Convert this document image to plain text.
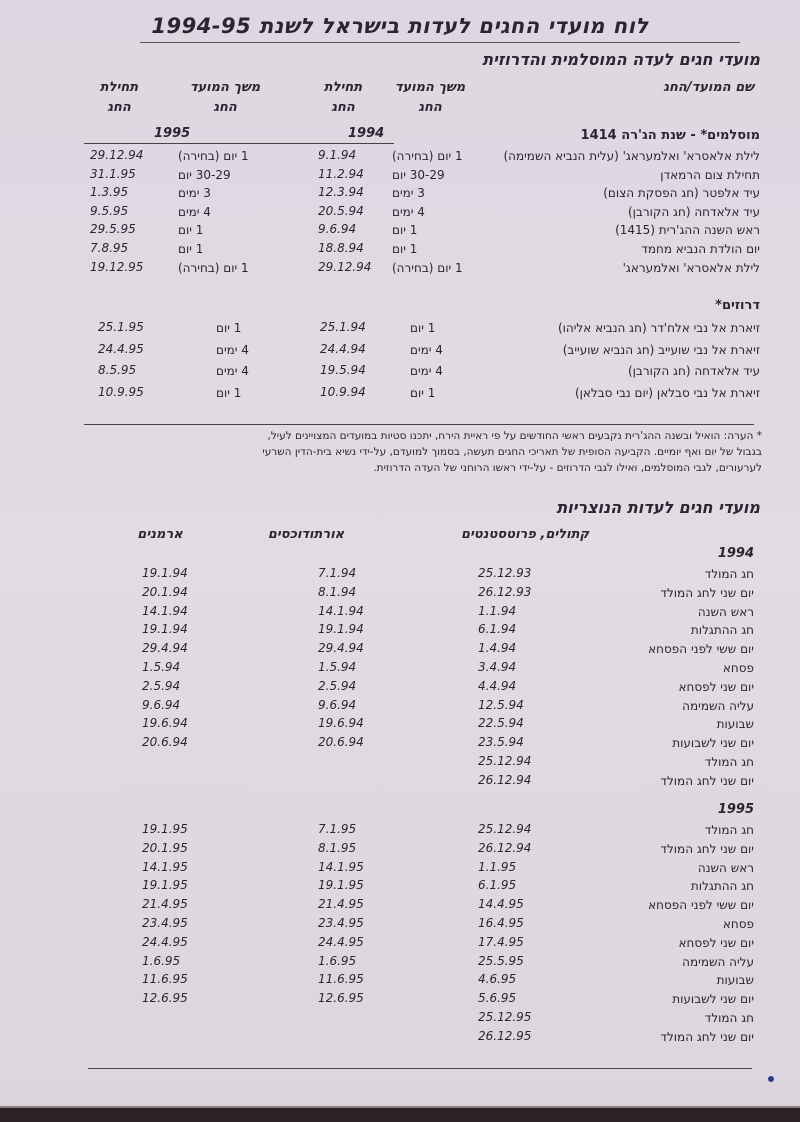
לוח מועדי החגים לעדות בישראל לשנת 1994-95
מועדי חגים לעדה המוסלמית והדרוזית
שם המועד/החג
משך המועד
החג
תחילת
החג
משך המועד
החג
תחילת
החג
1994
1995	מוסלמים* - שנת הג'רה 1414
לילת אלאסרא' ואלמעראג' (עלית הנביא השמימה)
1 יום (בחירה)
9.1.94
1 יום (בחירה)
29.12.94
תחילת צום הרמאדן
30-29 יום
11.2.94
30-29 יום
31.1.95
עיד אלפטר (חג הפסקת הצום)
3 ימים
12.3.94
3 ימים
1.3.95
עיד אלאדחה (חג הקורבן)
4 ימים
20.5.94
4 ימים
9.5.95
ראש השנה ההג'רית (1415)
1 יום
9.6.94
1 יום
29.5.95
יום הולדת הנביא מחמד
1 יום
18.8.94
1 יום
7.8.95
לילת אלאסרא' ואלמעראג'
1 יום (בחירה)
29.12.94
1 יום (בחירה)
19.12.95
דרוזים*
זיארת אל נבי אלח'דר (חג הנביא אליהו)
1 יום
25.1.94
1 יום
25.1.95
זיארת אל נבי שועייב (חג הנביא שועייב)
4 ימים
24.4.94
4 ימים
24.4.95
עיד אלאדחה (חג הקורבן)
4 ימים
19.5.94
4 ימים
8.5.95
זיארת אל נבי סבלאן (יום נבי סבלאן)
1 יום
10.9.94
1 יום
10.9.95
* הערה: הואיל ובשנה ההג'רית נקבעים ראשי החודשים על פי ראיית הירח, יתכנו סטיות במועדים המצויינים לעיל,
בגבול של יום ואף יומיים. הקביעה הסופית של תאריכי החגים תעשה, בסמוך למועדם, על-ידי נשיא בית-הדין השרעי
לערעורים, לגבי המוסלמים, ואילו לגבי הדרוזים - על-ידי ראשו הרוחני של העדה הדרוזית.
מועדי חגים לעדות הנוצריות
קתולים, פרוטסטנטים
אורתודוכסים
ארמנים
1994
חג המולד
25.12.93
7.1.94
19.1.94
יום שני לחג המולד
26.12.93
8.1.94
20.1.94
ראש השנה
1.1.94
14.1.94
14.1.94
חג ההתגלות
6.1.94
19.1.94
19.1.94
יום ששי לפני הפסחא
1.4.94
29.4.94
29.4.94
פסחא
3.4.94
1.5.94
1.5.94
יום שני לפסחא
4.4.94
2.5.94
2.5.94
עליה השמימה
12.5.94
9.6.94
9.6.94
שבועות
22.5.94
19.6.94
19.6.94
יום שני לשבועות
23.5.94
20.6.94
20.6.94
חג המולד
25.12.94
יום שני לחג המולד
26.12.94
1995
חג המולד
25.12.94
7.1.95
19.1.95
יום שני לחג המולד
26.12.94
8.1.95
20.1.95
ראש השנה
1.1.95
14.1.95
14.1.95
חג ההתגלות
6.1.95
19.1.95
19.1.95
יום ששי לפני הפסחא
14.4.95
21.4.95
21.4.95
פסחא
16.4.95
23.4.95
23.4.95
יום שני לפסחא
17.4.95
24.4.95
24.4.95
עליה השמימה
25.5.95
1.6.95
1.6.95
שבועות
4.6.95
11.6.95
11.6.95
יום שני לשבועות
5.6.95
12.6.95
12.6.95
חג המולד
25.12.95
יום שני לחג המולד
26.12.95
